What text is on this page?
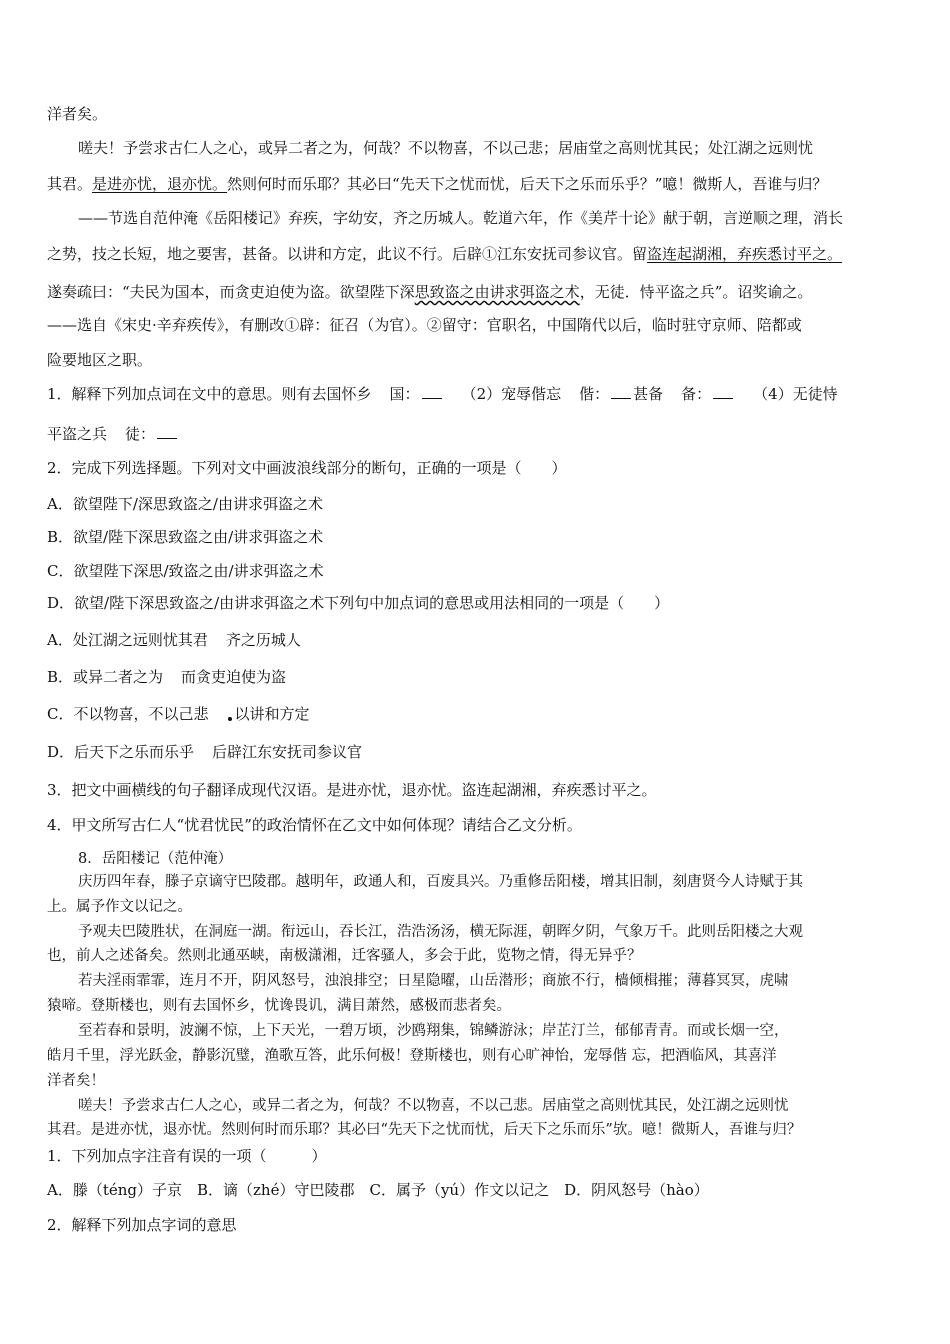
洋者矣。
嗟夫！予尝求古仁人之心，或异二者之为，何哉？不以物喜，不以己悲；居庙堂之高则忧其民；处江湖之远则忧
其君。是进亦忧，退亦忧。然则何时而乐耶？其必曰“先天下之忧而忧，后天下之乐而乐乎？”噫！微斯人，吾谁与归？
——节选自范仲淹《岳阳楼记》弃疾，字幼安，齐之历城人。乾道六年，作《美芹十论》献于朝，言逆顺之理，消长
之势，技之长短，地之要害，甚备。以讲和方定，此议不行。后辟①江东安抚司参议官。留盗连起湖湘，弃疾悉讨平之。
遂奏疏曰：“夫民为国本，而贪吏迫使为盗。欲望陛下深思致盗之由讲求弭盗之术，无徒．恃平盗之兵”。诏奖谕之。
——选自《宋史·辛弃疾传》，有删改①辟：征召（为官）。②留守：官职名，中国隋代以后，临时驻守京师、陪都或
险要地区之职。
1．解释下列加点词在文中的意思。则有去国怀乡 国：	（2）宠辱偕忘 偕： 甚备 备：	（4）无徒恃
平盗之兵 徒：
2．完成下列选择题。下列对文中画波浪线部分的断句，正确的一项是（　　）
A．欲望陛下/深思致盗之/由讲求弭盗之术
B．欲望/陛下深思致盗之由/讲求弭盗之术
C．欲望陛下深思/致盗之由/讲求弭盗之术
D．欲望/陛下深思致盗之/由讲求弭盗之术下列句中加点词的意思或用法相同的一项是（　　）
A．处江湖之远则忧其君 齐之历城人
B．或异二者之为 而贪吏迫使为盗
C．不以物喜，不以己悲 以讲和方定
D．后天下之乐而乐乎 后辟江东安抚司参议官
3．把文中画横线的句子翻译成现代汉语。是进亦忧，退亦忧。盗连起湖湘，弃疾悉讨平之。
4．甲文所写古仁人“忧君忧民”的政治情怀在乙文中如何体现？请结合乙文分析。
8．岳阳楼记（范仲淹）
庆历四年春，滕子京谪守巴陵郡。越明年，政通人和，百废具兴。乃重修岳阳楼，增其旧制，刻唐贤今人诗赋于其
上。属予作文以记之。
予观夫巴陵胜状，在洞庭一湖。衔远山，吞长江，浩浩汤汤，横无际涯，朝晖夕阴，气象万千。此则岳阳楼之大观
也，前人之述备矣。然则北通巫峡，南极潇湘，迁客骚人，多会于此，览物之情，得无异乎？
若夫淫雨霏霏，连月不开，阴风怒号，浊浪排空；日星隐曜，山岳潜形；商旅不行，樯倾楫摧；薄暮冥冥，虎啸
猿啼。登斯楼也，则有去国怀乡，忧谗畏讥，满目萧然，感极而悲者矣。
至若春和景明，波澜不惊，上下天光，一碧万顷，沙鸥翔集，锦鳞游泳；岸芷汀兰，郁郁青青。而或长烟一空，
皓月千里，浮光跃金，静影沉璧，渔歌互答，此乐何极！登斯楼也，则有心旷神怡，宠辱偕 忘，把酒临风，其喜洋
洋者矣！
嗟夫！予尝求古仁人之心，或异二者之为，何哉？不以物喜，不以己悲。居庙堂之高则忧其民，处江湖之远则忧
其君。是进亦忧，退亦忧。然则何时而乐耶？其必曰“先天下之忧而忧，后天下之乐而乐”欤。噫！微斯人，吾谁与归？
1．下列加点字注音有误的一项（　　　）
A．滕（téng）子京　B．谪（zhé）守巴陵郡　C．属予（yú）作文以记之　D．阴风怒号（hào）
2．解释下列加点字词的意思
